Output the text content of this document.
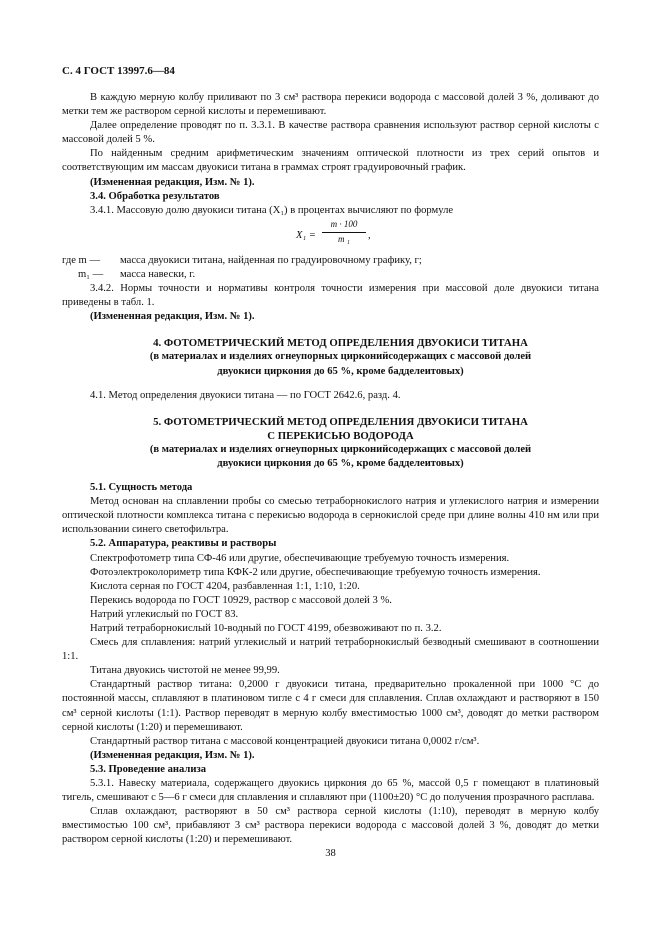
С. 4 ГОСТ 13997.6—84

В каждую мерную колбу приливают по 3 см³ раствора перекиси водорода с массовой долей 3 %, доливают до метки тем же раствором серной кислоты и перемешивают.

Далее определение проводят по п. 3.3.1. В качестве раствора сравнения используют раствор серной кислоты с массовой долей 5 %.

По найденным средним арифметическим значениям оптической плотности из трех серий опытов и соответствующим им массам двуокиси титана в граммах строят градуировочный график.

(Измененная редакция, Изм. № 1).

3.4. Обработка результатов

3.4.1. Массовую долю двуокиси титана (X₁) в процентах вычисляют по формуле

$X_1 = \frac{m \cdot 100}{\text{m ₁}}$ ,
где m —	масса двуокиси титана, найденная по градуировочному графику, г;
m₁ —	масса навески, г.

3.4.2. Нормы точности и нормативы контроля точности измерения при массовой доле двуокиси титана приведены в табл. 1.

(Измененная редакция, Изм. № 1).

4. ФОТОМЕТРИЧЕСКИЙ МЕТОД ОПРЕДЕЛЕНИЯ ДВУОКИСИ ТИТАНА

(в материалах и изделиях огнеупорных цирконийсодержащих с массовой долей

двуокиси циркония до 65 %, кроме бадделеитовых)

4.1. Метод определения двуокиси титана — по ГОСТ 2642.6, разд. 4.

5. ФОТОМЕТРИЧЕСКИЙ МЕТОД ОПРЕДЕЛЕНИЯ ДВУОКИСИ ТИТАНА

С ПЕРЕКИСЬЮ ВОДОРОДА

(в материалах и изделиях огнеупорных цирконийсодержащих с массовой долей

двуокиси циркония до 65 %, кроме бадделеитовых)

5.1. Сущность метода

Метод основан на сплавлении пробы со смесью тетраборнокислого натрия и углекислого натрия и измерении оптической плотности комплекса титана с перекисью водорода в сернокислой среде при длине волны 410 нм или при использовании синего светофильтра.

5.2. Аппаратура, реактивы и растворы

Спектрофотометр типа СФ-46 или другие, обеспечивающие требуемую точность измерения.

Фотоэлектроколориметр типа КФК-2 или другие, обеспечивающие требуемую точность измерения.

Кислота серная по ГОСТ 4204, разбавленная 1:1, 1:10, 1:20.

Перекись водорода по ГОСТ 10929, раствор с массовой долей 3 %.

Натрий углекислый по ГОСТ 83.

Натрий тетраборнокислый 10-водный по ГОСТ 4199, обезвоживают по п. 3.2.

Смесь для сплавления: натрий углекислый и натрий тетраборнокислый безводный смешивают в соотношении 1:1.

Титана двуокись чистотой не менее 99,99.

Стандартный раствор титана: 0,2000 г двуокиси титана, предварительно прокаленной при 1000 °С до постоянной массы, сплавляют в платиновом тигле с 4 г смеси для сплавления. Сплав охлаждают и растворяют в 150 см³ серной кислоты (1:1). Раствор переводят в мерную колбу вместимостью 1000 см³, доводят до метки раствором серной кислоты (1:20) и перемешивают.

Стандартный раствор титана с массовой концентрацией двуокиси титана 0,0002 г/см³.

(Измененная редакция, Изм. № 1).

5.3. Проведение анализа

5.3.1. Навеску материала, содержащего двуокись циркония до 65 %, массой 0,5 г помещают в платиновый тигель, смешивают с 5—6 г смеси для сплавления и сплавляют при (1100±20) °С до получения прозрачного расплава.

Сплав охлаждают, растворяют в 50 см³ раствора серной кислоты (1:10), переводят в мерную колбу вместимостью 100 см³, прибавляют 3 см³ раствора перекиси водорода с массовой долей 3 %, доводят до метки раствором серной кислоты (1:20) и перемешивают.

38
